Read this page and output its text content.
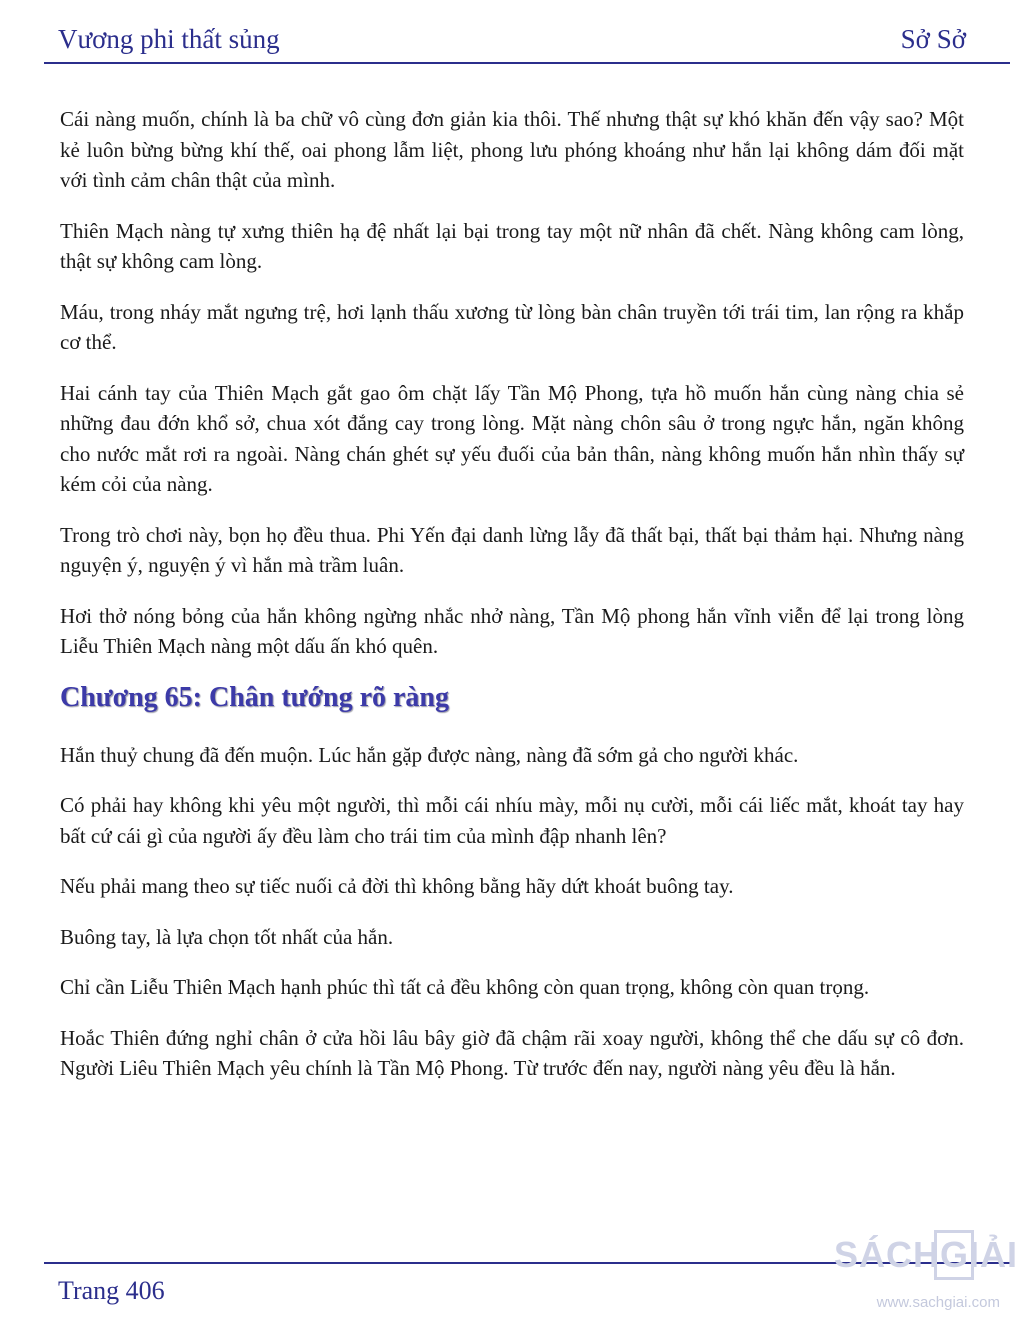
Vương phi thất sủng	Sở Sở

Cái nàng muốn, chính là ba chữ vô cùng đơn giản kia thôi. Thế nhưng thật sự khó khăn đến vậy sao? Một kẻ luôn bừng bừng khí thế, oai phong lẫm liệt, phong lưu phóng khoáng như hắn lại không dám đối mặt với tình cảm chân thật của mình.

Thiên Mạch nàng tự xưng thiên hạ đệ nhất lại bại trong tay một nữ nhân đã chết. Nàng không cam lòng, thật sự không cam lòng.

Máu, trong nháy mắt ngưng trệ, hơi lạnh thấu xương từ lòng bàn chân truyền tới trái tim, lan rộng ra khắp cơ thể.

Hai cánh tay của Thiên Mạch gắt gao ôm chặt lấy Tần Mộ Phong, tựa hồ muốn hắn cùng nàng chia sẻ những đau đớn khổ sở, chua xót đắng cay trong lòng. Mặt nàng chôn sâu ở trong ngực hắn, ngăn không cho nước mắt rơi ra ngoài. Nàng chán ghét sự yếu đuối của bản thân, nàng không muốn hắn nhìn thấy sự kém cỏi của nàng.

Trong trò chơi này, bọn họ đều thua. Phi Yến đại danh lừng lẫy đã thất bại, thất bại thảm hại. Nhưng nàng nguyện ý, nguyện ý vì hắn mà trầm luân.

Hơi thở nóng bỏng của hắn không ngừng nhắc nhở nàng, Tần Mộ phong hắn vĩnh viễn để lại trong lòng Liễu Thiên Mạch nàng một dấu ấn khó quên.

Chương 65: Chân tướng rõ ràng

Hắn thuỷ chung đã đến muộn. Lúc hắn gặp được nàng, nàng đã sớm gả cho người khác.

Có phải hay không khi yêu một người, thì mỗi cái nhíu mày, mỗi nụ cười, mỗi cái liếc mắt, khoát tay hay bất cứ cái gì của người ấy đều làm cho trái tim của mình đập nhanh lên?

Nếu phải mang theo sự tiếc nuối cả đời thì không bằng hãy dứt khoát buông tay.

Buông tay, là lựa chọn tốt nhất của hắn.

Chỉ cần Liễu Thiên Mạch hạnh phúc thì tất cả đều không còn quan trọng, không còn quan trọng.

Hoắc Thiên đứng nghỉ chân ở cửa hồi lâu bây giờ đã chậm rãi xoay người, không thể che dấu sự cô đơn. Người Liêu Thiên Mạch yêu chính là Tần Mộ Phong. Từ trước đến nay, người nàng yêu đều là hắn.

Trang 406
SÁCHGIẢI
www.sachgiai.com
